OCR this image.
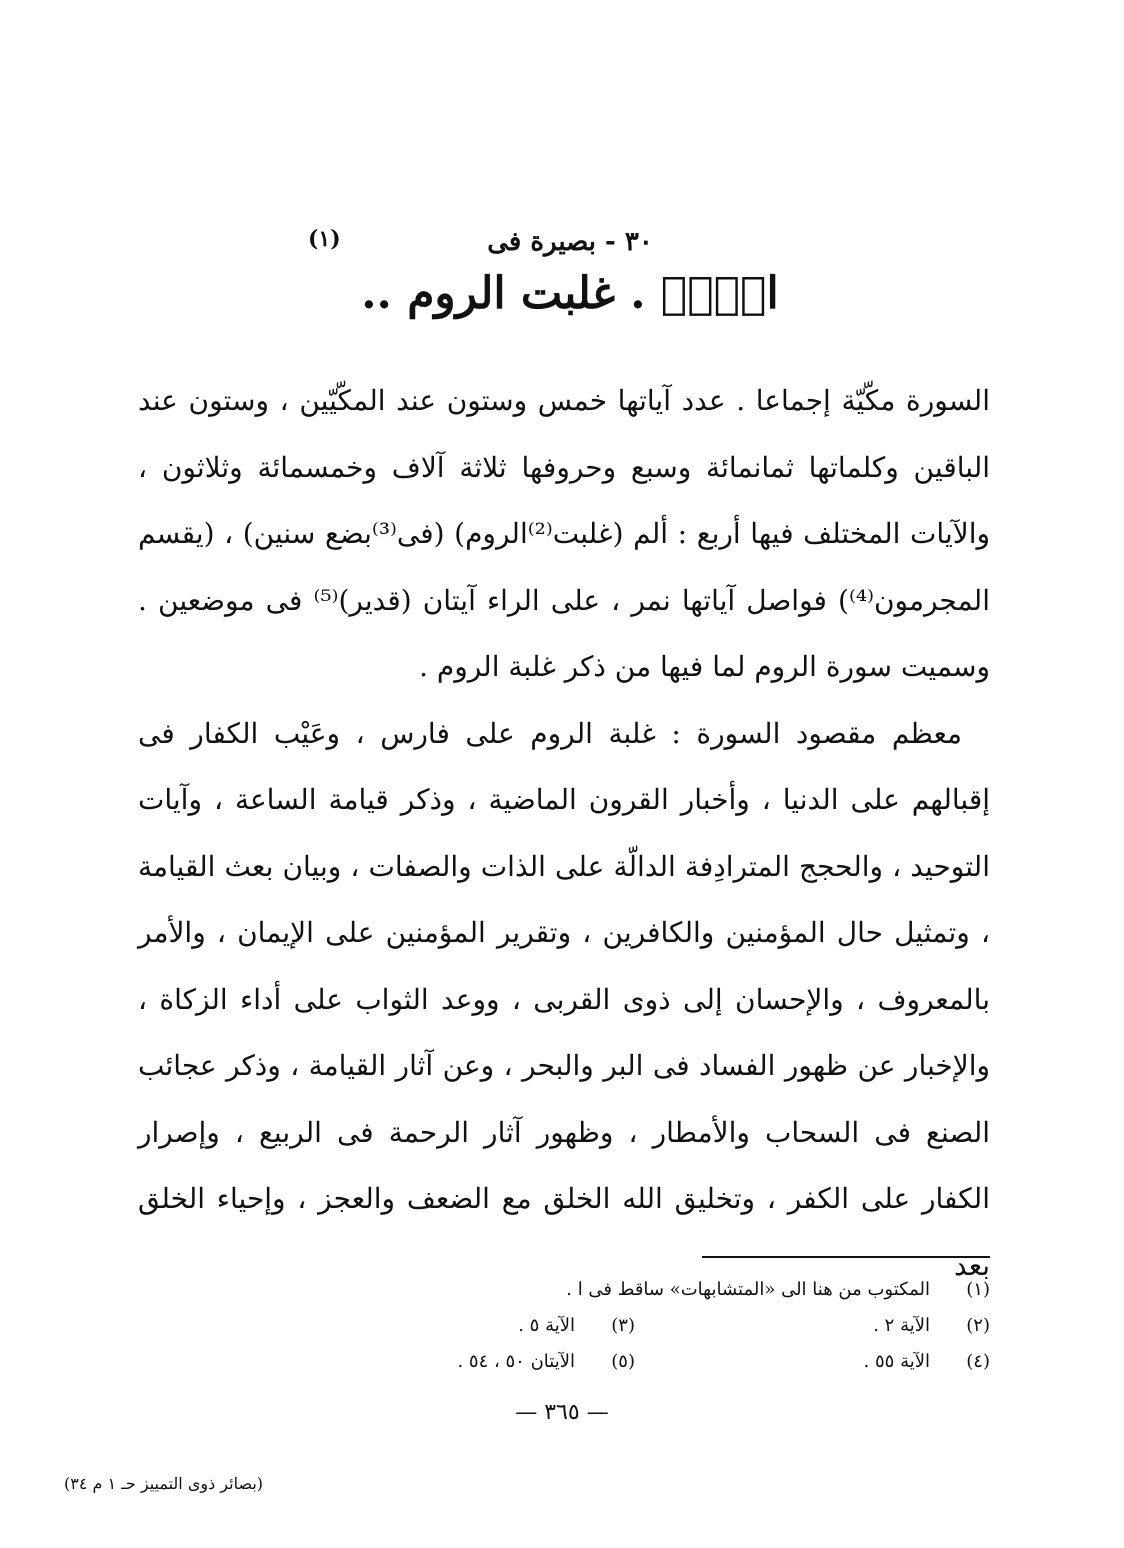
٣٠ - بصيرة فى
(١)
الۤمۤ . غلبت الروم ..

السورة مكّيّة إجماعا . عدد آياتها خمس وستون عند المكّيّين ، وستون عند الباقين وكلماتها ثمانمائة وسبع وحروفها ثلاثة آلاف وخمسمائة وثلاثون ، والآيات المختلف فيها أربع : ألم (غلبت⁽²⁾الروم) (فى⁽³⁾بضع سنين) ، (يقسم المجرمون⁽⁴⁾) فواصل آياتها نمر ، على الراء آيتان (قدير)⁽⁵⁾ فى موضعين . وسميت سورة الروم لما فيها من ذكر غلبة الروم .

معظم مقصود السورة : غلبة الروم على فارس ، وعَيْب الكفار فى إقبالهم على الدنيا ، وأخبار القرون الماضية ، وذكر قيامة الساعة ، وآيات التوحيد ، والحجج المترادِفة الدالّة على الذات والصفات ، وبيان بعث القيامة ، وتمثيل حال المؤمنين والكافرين ، وتقرير المؤمنين على الإيمان ، والأمر بالمعروف ، والإحسان إلى ذوى القربى ، ووعد الثواب على أداء الزكاة ، والإخبار عن ظهور الفساد فى البر والبحر ، وعن آثار القيامة ، وذكر عجائب الصنع فى السحاب والأمطار ، وظهور آثار الرحمة فى الربيع ، وإصرار الكفار على الكفر ، وتخليق الله الخلق مع الضعف والعجز ، وإحياء الخلق بعد

(١)
المكتوب من هنا الى «المتشابهات» ساقط فى ا .
(٢)
الآية ٢ .
(٣)
الآية ٥ .
(٤)
الآية ٥٥ .
(٥)
الآيتان ٥٠ ، ٥٤ .
— ٣٦٥ —
(بصائر ذوى التمييز حـ ١ م ٣٤)
